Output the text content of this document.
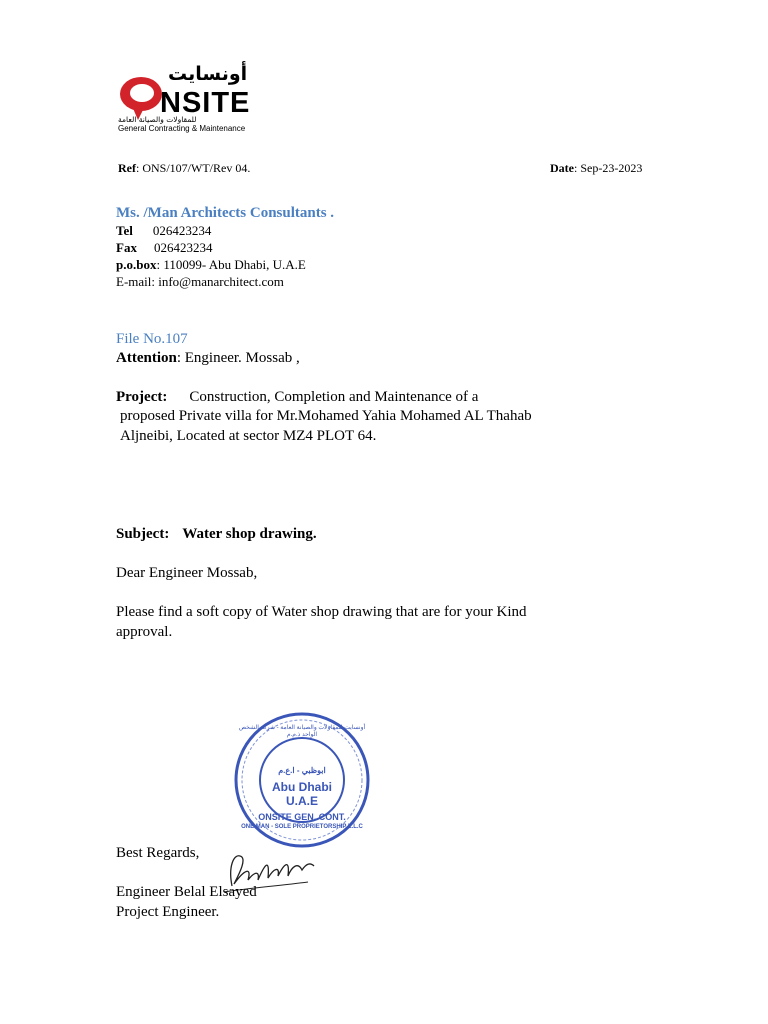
أونسايت
NSITE
للمقاولات والصيانة العامة
General Contracting & Maintenance
Ref: ONS/107/WT/Rev 04.	Date: Sep-23-2023
Ms. /Man Architects Consultants .
Tel 026423234
Fax 026423234
p.o.box: 110099- Abu Dhabi, U.A.E
E-mail: info@manarchitect.com
File No.107
Attention: Engineer. Mossab ,
Project: Construction, Completion and Maintenance of a
proposed Private villa for Mr.Mohamed Yahia Mohamed AL Thahab
Aljneibi, Located at sector MZ4 PLOT 64.
Subject: Water shop drawing.
Dear Engineer Mossab,
Please find a soft copy of Water shop drawing that are for your Kind
approval.
ابوظبي - ا.ع.م
Abu Dhabi
U.A.E
ONSITE GEN. CONT.
ONE MAN - SOLE PROPRIETORSHIP L.L.C
أونسايت للمقاولات والصيانة العامة - شركة الشخص الواحد ذ.م.م
Best Regards,
Engineer Belal Elsayed
Project Engineer.
